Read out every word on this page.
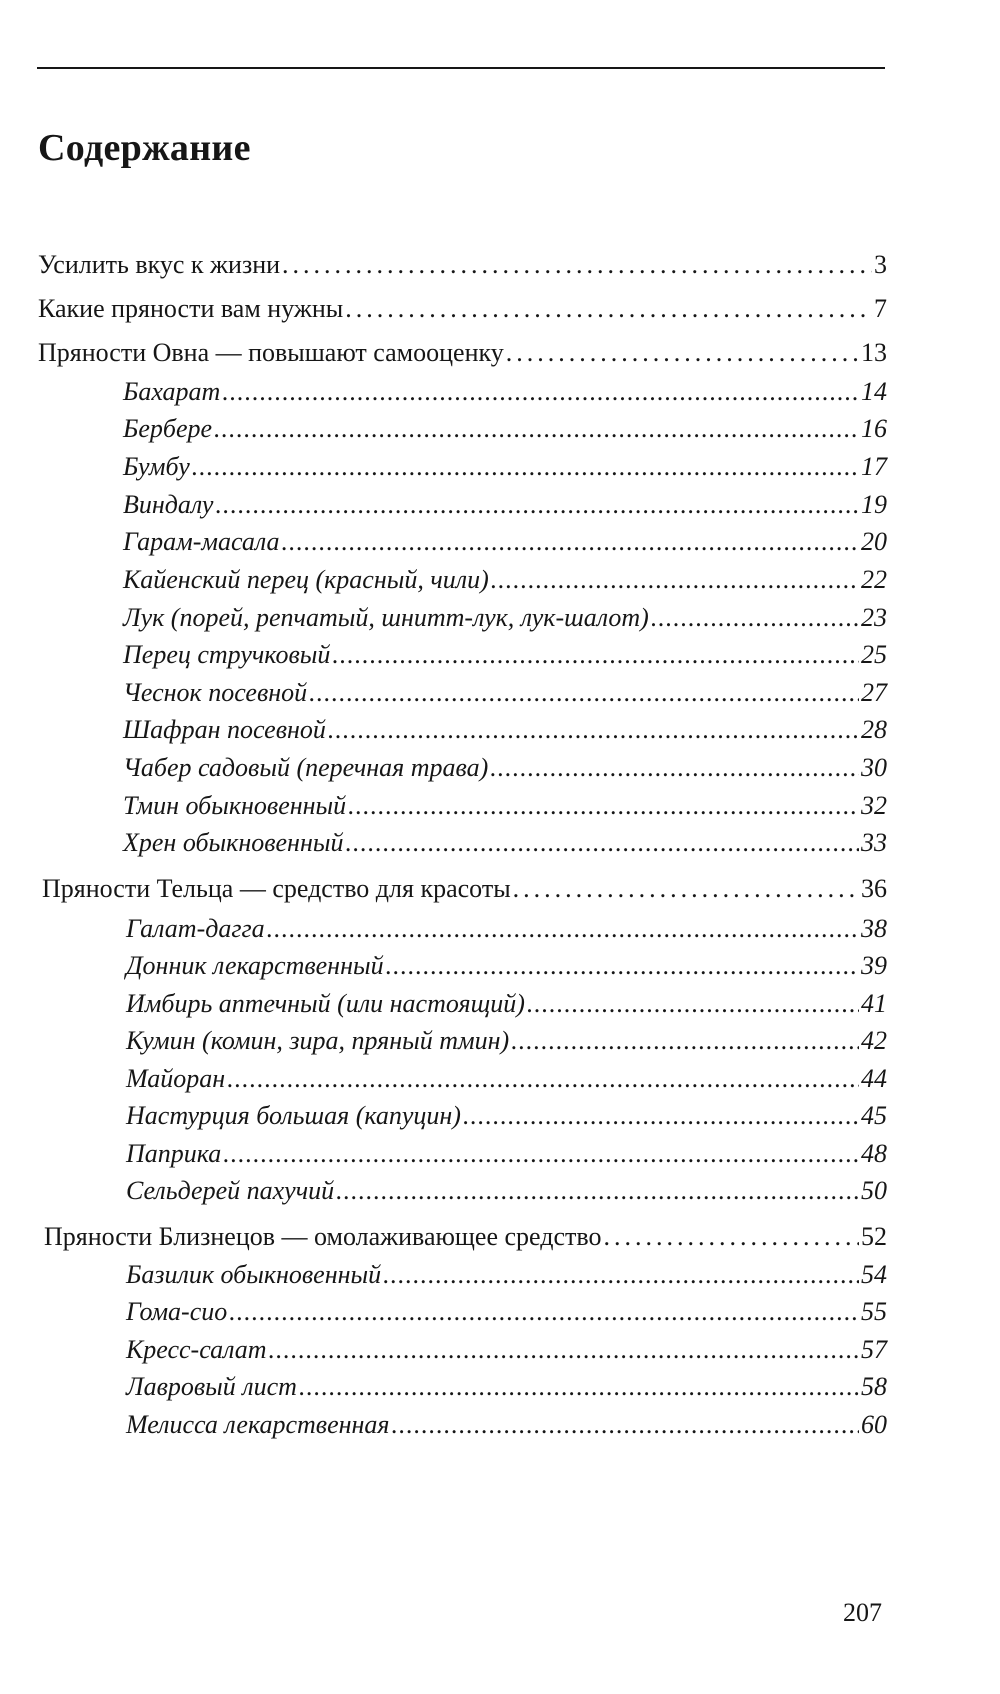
Содержание
Усилить вкус к жизни .....	3
Какие пряности вам нужны .....	7
Пряности Овна — повышают самооценку .....	13
Бахарат .....	14
Бербере .....	16
Бумбу .....	17
Виндалу .....	19
Гарам-масала .....	20
Кайенский перец (красный, чили) .....	22
Лук (порей, репчатый, шнитт-лук, лук-шалот) .....	23
Перец стручковый .....	25
Чеснок посевной .....	27
Шафран посевной .....	28
Чабер садовый (перечная трава) .....	30
Тмин обыкновенный .....	32
Хрен обыкновенный .....	33
Пряности Тельца — средство для красоты .....	36
Галат-дагга .....	38
Донник лекарственный .....	39
Имбирь аптечный (или настоящий) .....	41
Кумин (комин, зира, пряный тмин) .....	42
Майоран .....	44
Настурция большая (капуцин) .....	45
Паприка .....	48
Сельдерей пахучий .....	50
Пряности Близнецов — омолаживающее средство .....	52
Базилик обыкновенный .....	54
Гома-сио .....	55
Кресс-салат .....	57
Лавровый лист .....	58
Мелисса лекарственная .....	60
207
